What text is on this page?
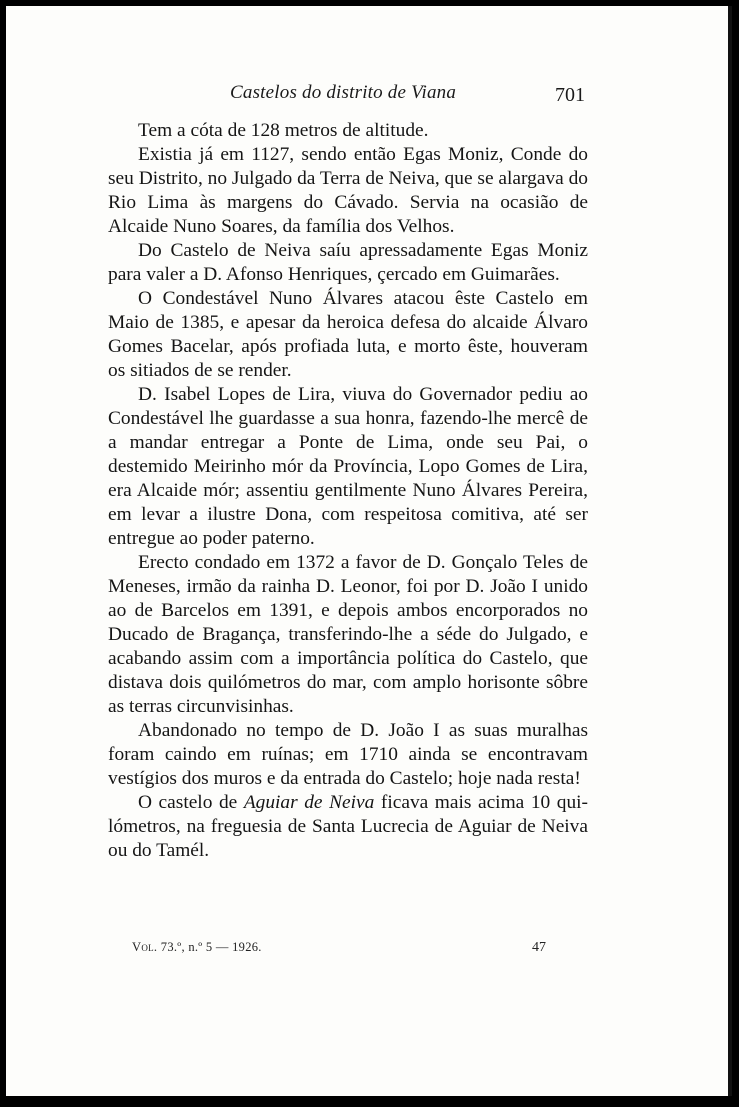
Castelos do distrito de Viana	701

Tem a cóta de 128 metros de altitude.

Existia já em 1127, sendo então Egas Moniz, Conde do seu Distrito, no Julgado da Terra de Neiva, que se alargava do Rio Lima às margens do Cávado. Servia na ocasião de Alcaide Nuno Soares, da família dos Velhos.

Do Castelo de Neiva saíu apressadamente Egas Moniz para valer a D. Afonso Henriques, çercado em Guimarães.

O Condestável Nuno Álvares atacou êste Castelo em Maio de 1385, e apesar da heroica defesa do alcaide Álvaro Gomes Bacelar, após profiada luta, e morto êste, houveram os sitiados de se render.

D. Isabel Lopes de Lira, viuva do Governador pediu ao Condestável lhe guardasse a sua honra, fazendo-lhe mercê de a mandar entregar a Ponte de Lima, onde seu Pai, o destemido Meirinho mór da Província, Lopo Gomes de Lira, era Alcaide mór; assentiu gentilmente Nuno Álvares Pereira, em levar a ilustre Dona, com respeitosa comitiva, até ser entregue ao poder paterno.

Erecto condado em 1372 a favor de D. Gonçalo Teles de Meneses, irmão da rainha D. Leonor, foi por D. João I unido ao de Barcelos em 1391, e depois ambos encorporados no Ducado de Bragança, transferindo-lhe a séde do Julgado, e acabando assim com a importância política do Castelo, que distava dois quilómetros do mar, com amplo horisonte sôbre as terras circunvisinhas.

Abandonado no tempo de D. João I as suas muralhas foram caindo em ruínas; em 1710 ainda se encontravam vestígios dos muros e da entrada do Castelo; hoje nada resta!

O castelo de Aguiar de Neiva ficava mais acima 10 quilómetros, na freguesia de Santa Lucrecia de Aguiar de Neiva ou do Tamél.

Vol. 73.º, n.º 5 — 1926.	47
